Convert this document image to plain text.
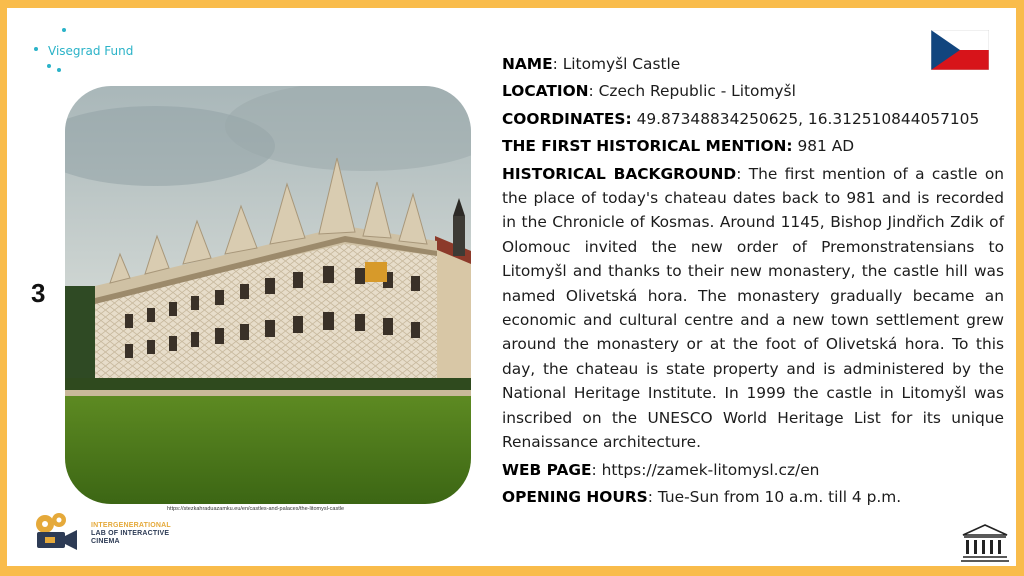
Visegrad Fund
3
https://stezkahraduazamku.eu/en/castles-and-palaces/the-litomysl-castle
INTERGENERATIONAL
LAB OF INTERACTIVE
CINEMA
NAME: Litomyšl Castle
LOCATION: Czech Republic - Litomyšl
COORDINATES: 49.87348834250625, 16.312510844057105
THE FIRST HISTORICAL MENTION: 981 AD
HISTORICAL BACKGROUND: The first mention of a castle on the place of today's chateau dates back to 981 and is recorded in the Chronicle of Kosmas. Around 1145, Bishop Jindřich Zdik of Olomouc invited the new order of Premonstratensians to Litomyšl and thanks to their new monastery, the castle hill was named Olivetská hora. The monastery gradually became an economic and cultural centre and a new town settlement grew around the monastery or at the foot of Olivetská hora. To this day, the chateau is state property and is administered by the National Heritage Institute. In 1999 the castle in Litomyšl was inscribed on the UNESCO World Heritage List for its unique Renaissance architecture.
WEB PAGE: https://zamek-litomysl.cz/en
OPENING HOURS: Tue-Sun from 10 a.m. till 4 p.m.
